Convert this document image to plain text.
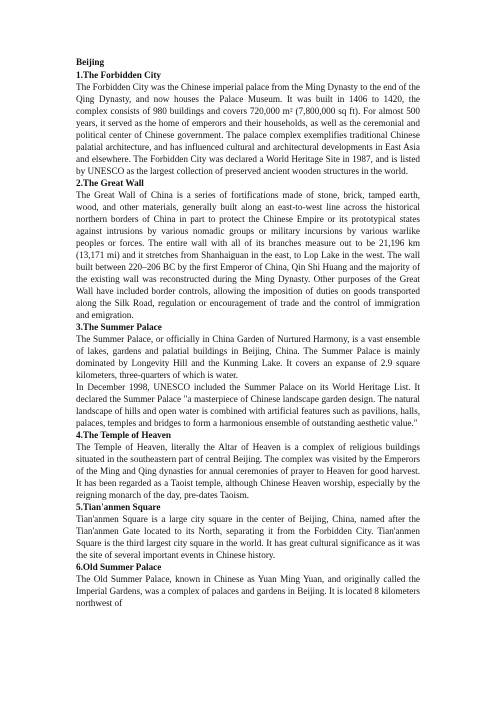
Beijing
1.The Forbidden City

The Forbidden City was the Chinese imperial palace from the Ming Dynasty to the end of the Qing Dynasty, and now houses the Palace Museum. It was built in 1406 to 1420, the complex consists of 980 buildings and covers 720,000 m² (7,800,000 sq ft). For almost 500 years, it served as the home of emperors and their households, as well as the ceremonial and political center of Chinese government. The palace complex exemplifies traditional Chinese palatial architecture, and has influenced cultural and architectural developments in East Asia and elsewhere. The Forbidden City was declared a World Heritage Site in 1987, and is listed by UNESCO as the largest collection of preserved ancient wooden structures in the world.

2.The Great Wall

The Great Wall of China is a series of fortifications made of stone, brick, tamped earth, wood, and other materials, generally built along an east-to-west line across the historical northern borders of China in part to protect the Chinese Empire or its prototypical states against intrusions by various nomadic groups or military incursions by various warlike peoples or forces. The entire wall with all of its branches measure out to be 21,196 km (13,171 mi) and it stretches from Shanhaiguan in the east, to Lop Lake in the west. The wall built between 220–206 BC by the first Emperor of China, Qin Shi Huang and the majority of the existing wall was reconstructed during the Ming Dynasty. Other purposes of the Great Wall have included border controls, allowing the imposition of duties on goods transported along the Silk Road, regulation or encouragement of trade and the control of immigration and emigration.

3.The Summer Palace

The Summer Palace, or officially in China Garden of Nurtured Harmony, is a vast ensemble of lakes, gardens and palatial buildings in Beijing, China. The Summer Palace is mainly dominated by Longevity Hill and the Kunming Lake. It covers an expanse of 2.9 square kilometers, three-quarters of which is water.

In December 1998, UNESCO included the Summer Palace on its World Heritage List. It declared the Summer Palace "a masterpiece of Chinese landscape garden design. The natural landscape of hills and open water is combined with artificial features such as pavilions, halls, palaces, temples and bridges to form a harmonious ensemble of outstanding aesthetic value."

4.The Temple of Heaven

The Temple of Heaven, literally the Altar of Heaven is a complex of religious buildings situated in the southeastern part of central Beijing. The complex was visited by the Emperors of the Ming and Qing dynasties for annual ceremonies of prayer to Heaven for good harvest. It has been regarded as a Taoist temple, although Chinese Heaven worship, especially by the reigning monarch of the day, pre-dates Taoism.

5.Tian'anmen Square

Tian'anmen Square is a large city square in the center of Beijing, China, named after the Tian'anmen Gate located to its North, separating it from the Forbidden City. Tian'anmen Square is the third largest city square in the world. It has great cultural significance as it was the site of several important events in Chinese history.

6.Old Summer Palace

The Old Summer Palace, known in Chinese as Yuan Ming Yuan, and originally called the Imperial Gardens, was a complex of palaces and gardens in Beijing. It is located 8 kilometers northwest of
